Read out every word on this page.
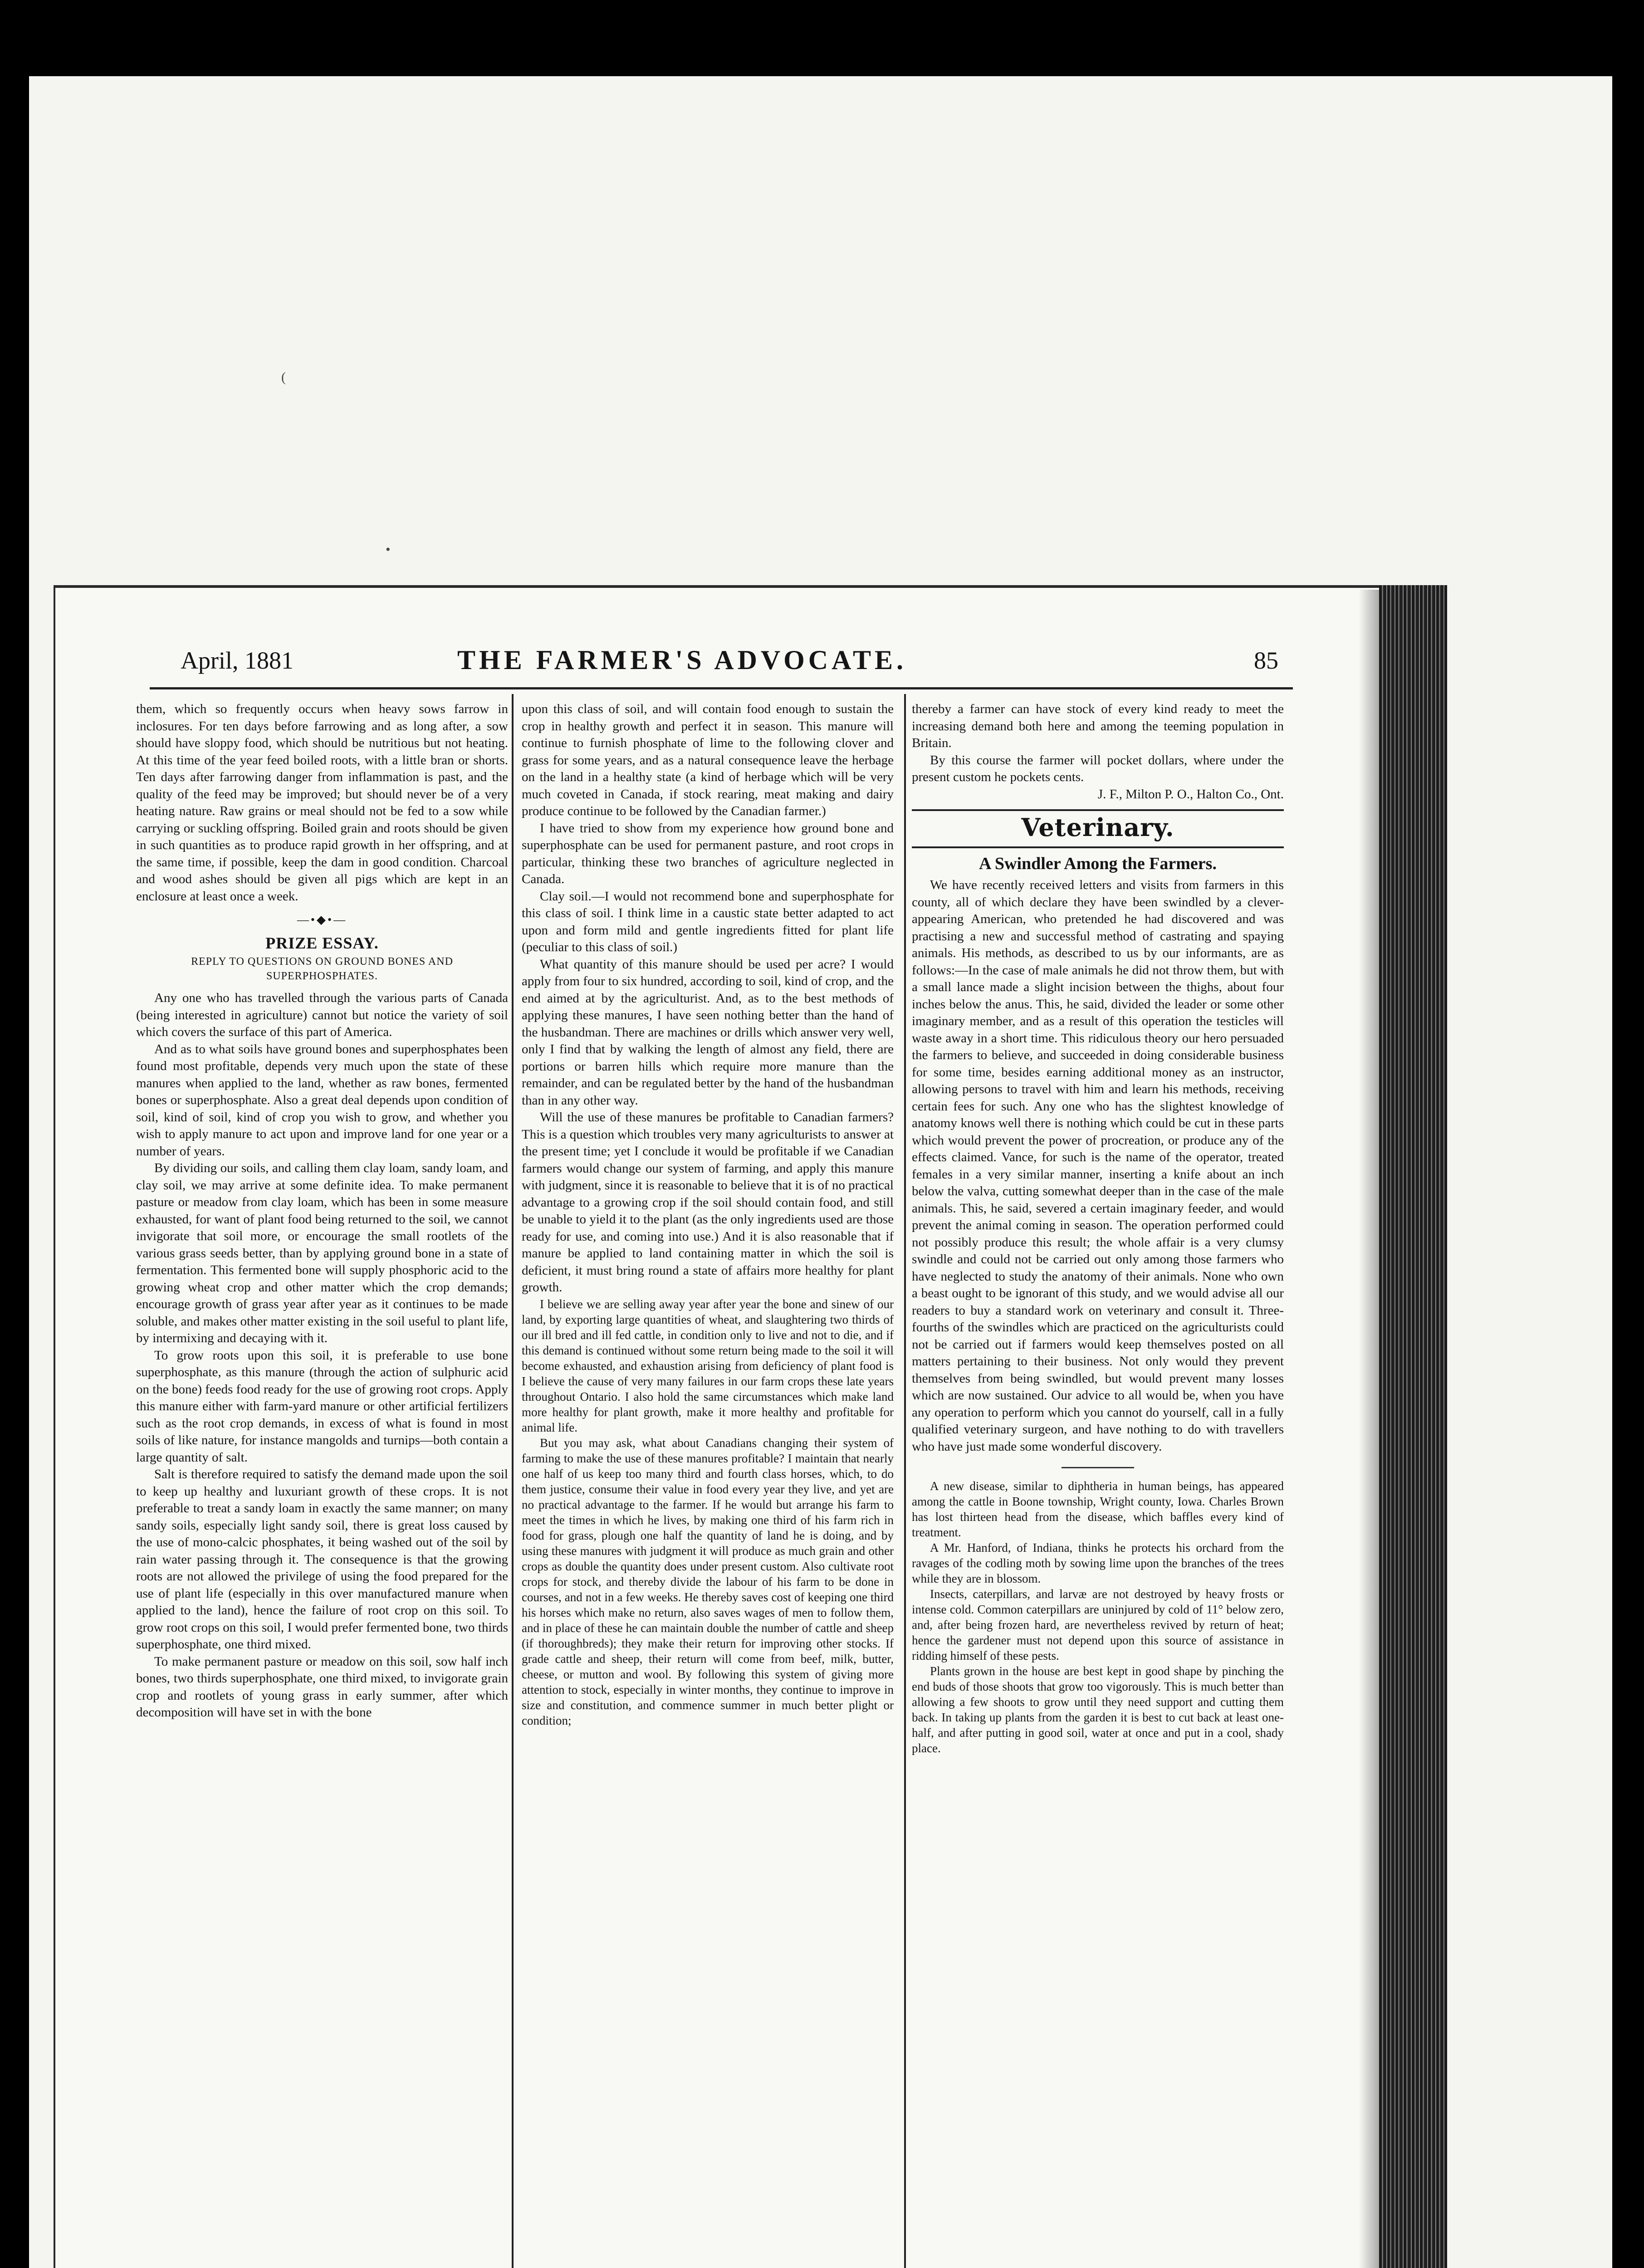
(
•
April, 1881	THE FARMER'S ADVOCATE.	85

them, which so frequently occurs when heavy sows farrow in inclosures. For ten days before farrowing and as long after, a sow should have sloppy food, which should be nutritious but not heating. At this time of the year feed boiled roots, with a little bran or shorts. Ten days after farrowing danger from inflammation is past, and the quality of the feed may be improved; but should never be of a very heating nature. Raw grains or meal should not be fed to a sow while carrying or suckling offspring. Boiled grain and roots should be given in such quantities as to produce rapid growth in her offspring, and at the same time, if possible, keep the dam in good condition. Charcoal and wood ashes should be given all pigs which are kept in an enclosure at least once a week.

—•◆•—
PRIZE ESSAY.
REPLY TO QUESTIONS ON GROUND BONES AND SUPERPHOSPHATES.

Any one who has travelled through the various parts of Canada (being interested in agriculture) cannot but notice the variety of soil which covers the surface of this part of America.

And as to what soils have ground bones and superphosphates been found most profitable, depends very much upon the state of these manures when applied to the land, whether as raw bones, fermented bones or superphosphate. Also a great deal depends upon condition of soil, kind of soil, kind of crop you wish to grow, and whether you wish to apply manure to act upon and improve land for one year or a number of years.

By dividing our soils, and calling them clay loam, sandy loam, and clay soil, we may arrive at some definite idea. To make permanent pasture or meadow from clay loam, which has been in some measure exhausted, for want of plant food being returned to the soil, we cannot invigorate that soil more, or encourage the small rootlets of the various grass seeds better, than by applying ground bone in a state of fermentation. This fermented bone will supply phosphoric acid to the growing wheat crop and other matter which the crop demands; encourage growth of grass year after year as it continues to be made soluble, and makes other matter existing in the soil useful to plant life, by intermixing and decaying with it.

To grow roots upon this soil, it is preferable to use bone superphosphate, as this manure (through the action of sulphuric acid on the bone) feeds food ready for the use of growing root crops. Apply this manure either with farm-yard manure or other artificial fertilizers such as the root crop demands, in excess of what is found in most soils of like nature, for instance mangolds and turnips—both contain a large quantity of salt.

Salt is therefore required to satisfy the demand made upon the soil to keep up healthy and luxuriant growth of these crops. It is not preferable to treat a sandy loam in exactly the same manner; on many sandy soils, especially light sandy soil, there is great loss caused by the use of mono-calcic phosphates, it being washed out of the soil by rain water passing through it. The consequence is that the growing roots are not allowed the privilege of using the food prepared for the use of plant life (especially in this over manufactured manure when applied to the land), hence the failure of root crop on this soil. To grow root crops on this soil, I would prefer fermented bone, two thirds superphosphate, one third mixed.

To make permanent pasture or meadow on this soil, sow half inch bones, two thirds superphosphate, one third mixed, to invigorate grain crop and rootlets of young grass in early summer, after which decomposition will have set in with the bone

upon this class of soil, and will contain food enough to sustain the crop in healthy growth and perfect it in season. This manure will continue to furnish phosphate of lime to the following clover and grass for some years, and as a natural consequence leave the herbage on the land in a healthy state (a kind of herbage which will be very much coveted in Canada, if stock rearing, meat making and dairy produce continue to be followed by the Canadian farmer.)

I have tried to show from my experience how ground bone and superphosphate can be used for permanent pasture, and root crops in particular, thinking these two branches of agriculture neglected in Canada.

Clay soil.—I would not recommend bone and superphosphate for this class of soil. I think lime in a caustic state better adapted to act upon and form mild and gentle ingredients fitted for plant life (peculiar to this class of soil.)

What quantity of this manure should be used per acre? I would apply from four to six hundred, according to soil, kind of crop, and the end aimed at by the agriculturist. And, as to the best methods of applying these manures, I have seen nothing better than the hand of the husbandman. There are machines or drills which answer very well, only I find that by walking the length of almost any field, there are portions or barren hills which require more manure than the remainder, and can be regulated better by the hand of the husbandman than in any other way.

Will the use of these manures be profitable to Canadian farmers? This is a question which troubles very many agriculturists to answer at the present time; yet I conclude it would be profitable if we Canadian farmers would change our system of farming, and apply this manure with judgment, since it is reasonable to believe that it is of no practical advantage to a growing crop if the soil should contain food, and still be unable to yield it to the plant (as the only ingredients used are those ready for use, and coming into use.) And it is also reasonable that if manure be applied to land containing matter in which the soil is deficient, it must bring round a state of affairs more healthy for plant growth.

I believe we are selling away year after year the bone and sinew of our land, by exporting large quantities of wheat, and slaughtering two thirds of our ill bred and ill fed cattle, in condition only to live and not to die, and if this demand is continued without some return being made to the soil it will become exhausted, and exhaustion arising from deficiency of plant food is I believe the cause of very many failures in our farm crops these late years throughout Ontario. I also hold the same circumstances which make land more healthy for plant growth, make it more healthy and profitable for animal life.

But you may ask, what about Canadians changing their system of farming to make the use of these manures profitable? I maintain that nearly one half of us keep too many third and fourth class horses, which, to do them justice, consume their value in food every year they live, and yet are no practical advantage to the farmer. If he would but arrange his farm to meet the times in which he lives, by making one third of his farm rich in food for grass, plough one half the quantity of land he is doing, and by using these manures with judgment it will produce as much grain and other crops as double the quantity does under present custom. Also cultivate root crops for stock, and thereby divide the labour of his farm to be done in courses, and not in a few weeks. He thereby saves cost of keeping one third his horses which make no return, also saves wages of men to follow them, and in place of these he can maintain double the number of cattle and sheep (if thoroughbreds); they make their return for improving other stocks. If grade cattle and sheep, their return will come from beef, milk, butter, cheese, or mutton and wool. By following this system of giving more attention to stock, especially in winter months, they continue to improve in size and constitution, and commence summer in much better plight or condition;

thereby a farmer can have stock of every kind ready to meet the increasing demand both here and among the teeming population in Britain.

By this course the farmer will pocket dollars, where under the present custom he pockets cents.

J. F., Milton P. O., Halton Co., Ont.

Veterinary.
A Swindler Among the Farmers.

We have recently received letters and visits from farmers in this county, all of which declare they have been swindled by a clever-appearing American, who pretended he had discovered and was practising a new and successful method of castrating and spaying animals. His methods, as described to us by our informants, are as follows:—In the case of male animals he did not throw them, but with a small lance made a slight incision between the thighs, about four inches below the anus. This, he said, divided the leader or some other imaginary member, and as a result of this operation the testicles will waste away in a short time. This ridiculous theory our hero persuaded the farmers to believe, and succeeded in doing considerable business for some time, besides earning additional money as an instructor, allowing persons to travel with him and learn his methods, receiving certain fees for such. Any one who has the slightest knowledge of anatomy knows well there is nothing which could be cut in these parts which would prevent the power of procreation, or produce any of the effects claimed. Vance, for such is the name of the operator, treated females in a very similar manner, inserting a knife about an inch below the valva, cutting somewhat deeper than in the case of the male animals. This, he said, severed a certain imaginary feeder, and would prevent the animal coming in season. The operation performed could not possibly produce this result; the whole affair is a very clumsy swindle and could not be carried out only among those farmers who have neglected to study the anatomy of their animals. None who own a beast ought to be ignorant of this study, and we would advise all our readers to buy a standard work on veterinary and consult it. Three-fourths of the swindles which are practiced on the agriculturists could not be carried out if farmers would keep themselves posted on all matters pertaining to their business. Not only would they prevent themselves from being swindled, but would prevent many losses which are now sustained. Our advice to all would be, when you have any operation to perform which you cannot do yourself, call in a fully qualified veterinary surgeon, and have nothing to do with travellers who have just made some wonderful discovery.

A new disease, similar to diphtheria in human beings, has appeared among the cattle in Boone township, Wright county, Iowa. Charles Brown has lost thirteen head from the disease, which baffles every kind of treatment.

A Mr. Hanford, of Indiana, thinks he protects his orchard from the ravages of the codling moth by sowing lime upon the branches of the trees while they are in blossom.

Insects, caterpillars, and larvæ are not destroyed by heavy frosts or intense cold. Common caterpillars are uninjured by cold of 11° below zero, and, after being frozen hard, are nevertheless revived by return of heat; hence the gardener must not depend upon this source of assistance in ridding himself of these pests.

Plants grown in the house are best kept in good shape by pinching the end buds of those shoots that grow too vigorously. This is much better than allowing a few shoots to grow until they need support and cutting them back. In taking up plants from the garden it is best to cut back at least one-half, and after putting in good soil, water at once and put in a cool, shady place.
